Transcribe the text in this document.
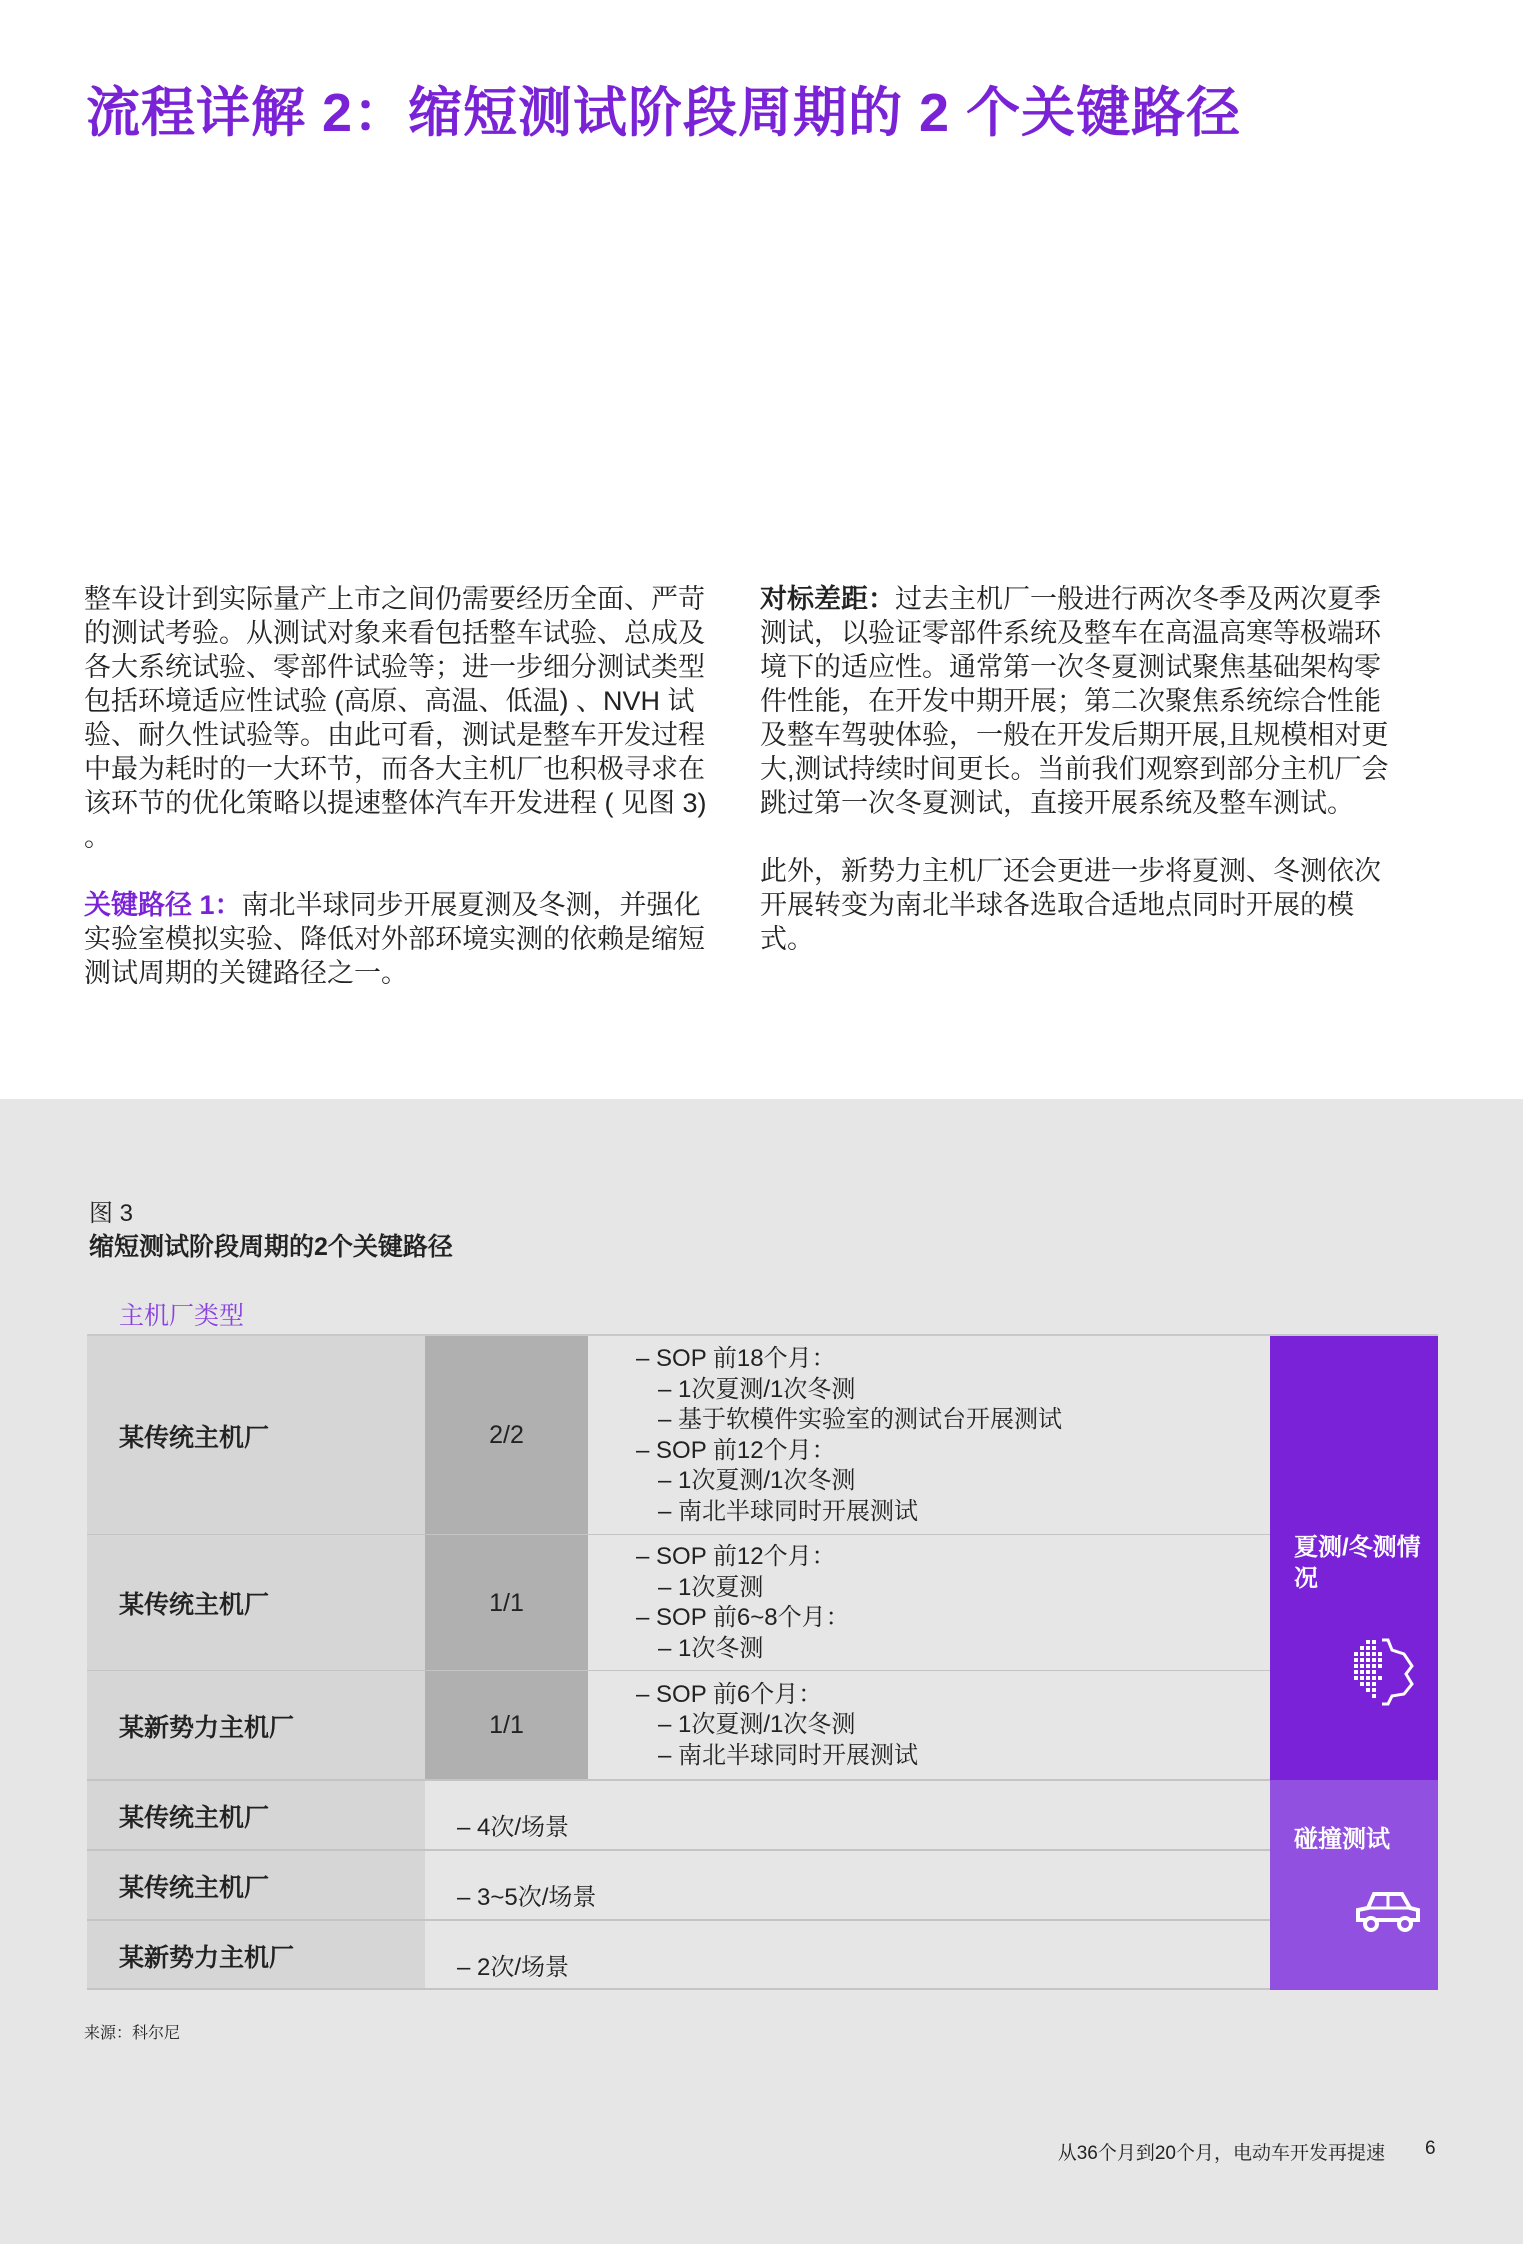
流程详解 2：缩短测试阶段周期的 2 个关键路径

整车设计到实际量产上市之间仍需要经历全面、严苛的测试考验。从测试对象来看包括整车试验、总成及各大系统试验、零部件试验等；进一步细分测试类型包括环境适应性试验 (高原、高温、低温) 、NVH 试验、耐久性试验等。由此可看，测试是整车开发过程中最为耗时的一大环节，而各大主机厂也积极寻求在该环节的优化策略以提速整体汽车开发进程 ( 见图 3) 。

关键路径 1：南北半球同步开展夏测及冬测，并强化实验室模拟实验、降低对外部环境实测的依赖是缩短测试周期的关键路径之一。

对标差距：过去主机厂一般进行两次冬季及两次夏季测试，以验证零部件系统及整车在高温高寒等极端环境下的适应性。通常第一次冬夏测试聚焦基础架构零件性能，在开发中期开展；第二次聚焦系统综合性能及整车驾驶体验，一般在开发后期开展,且规模相对更大,测试持续时间更长。当前我们观察到部分主机厂会跳过第一次冬夏测试，直接开展系统及整车测试。

此外，新势力主机厂还会更进一步将夏测、冬测依次开展转变为南北半球各选取合适地点同时开展的模式。

图 3
缩短测试阶段周期的2个关键路径
主机厂类型
某传统主机厂	2/2
– SOP 前18个月：
– 1次夏测/1次冬测
– 基于软模件实验室的测试台开展测试
– SOP 前12个月：
– 1次夏测/1次冬测
– 南北半球同时开展测试
某传统主机厂	1/1
– SOP 前12个月：
– 1次夏测
– SOP 前6~8个月：
– 1次冬测
某新势力主机厂	1/1
– SOP 前6个月：
– 1次夏测/1次冬测
– 南北半球同时开展测试
某传统主机厂	– 4次/场景
某传统主机厂	– 3~5次/场景
某新势力主机厂	– 2次/场景
夏测/冬测情况
碰撞测试
来源：科尔尼
从36个月到20个月，电动车开发再提速 6
